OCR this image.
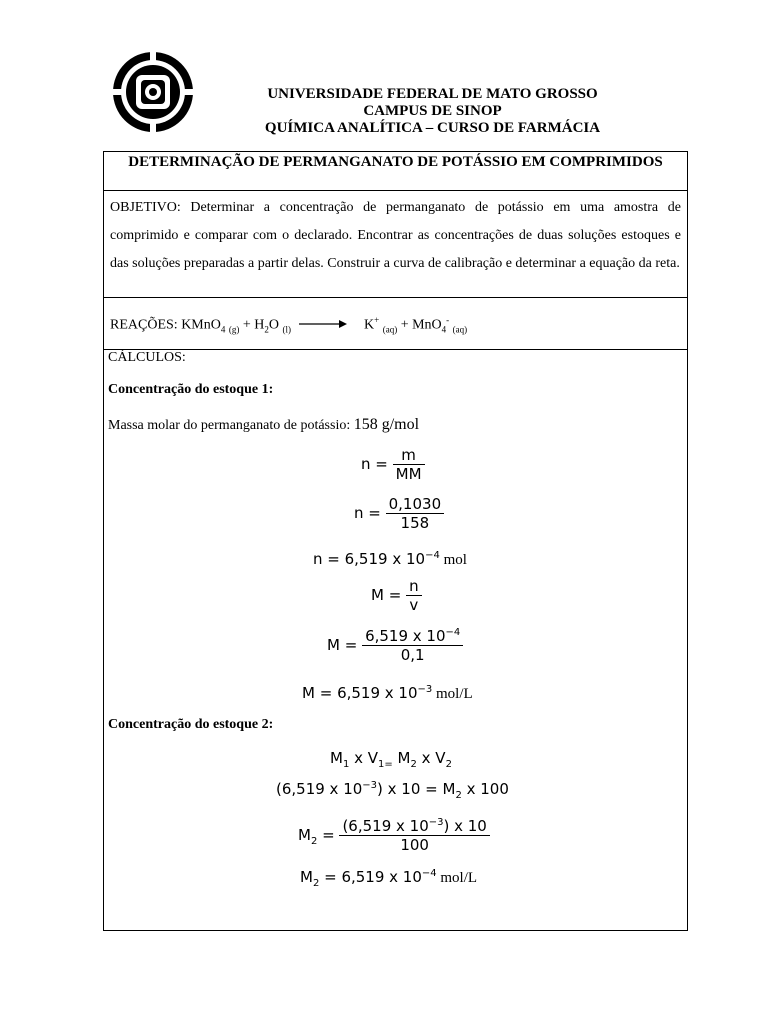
UNIVERSIDADE FEDERAL DE MATO GROSSO
CAMPUS DE SINOP
QUÍMICA ANALÍTICA – CURSO DE FARMÁCIA
DETERMINAÇÃO DE PERMANGANATO DE POTÁSSIO EM COMPRIMIDOS
OBJETIVO: Determinar a concentração de permanganato de potássio em uma amostra de comprimido e comparar com o declarado. Encontrar as concentrações de duas soluções estoques e das soluções preparadas a partir delas. Construir a curva de calibração e determinar a equação da reta.
REAÇÕES: KMnO$_4$ $_{(g)} + H_2O$ $_{(l)}$ → K+ $_{(aq)}$ + MnO$_4$- $_{(aq)}$
CÁLCULOS:
Concentração do estoque 1:
Massa molar do permanganato de potássio: 158 g/mol
$n = \frac{m}{MM}$
$n = \frac{0,1030}{158}$
n = 6,519 x $10^{-4}$ mol
$M = \frac{n}{v}$
$M = \frac{6,519 x 10^{-4}}{0,1}$
M = 6,519 x $10^{-3}$ mol/L
Concentração do estoque 2:
$M_1$ x $V_{1=}$ $M_2$ x $V_2$
(6,519 x $10^{-3}$) x $10 = M_2$ x 100
$M_2 = \frac{(6,519 x 10^{-3}) x 10}{100}$
$M_2 = 6,519$ x $10^{-4}$ mol/L
